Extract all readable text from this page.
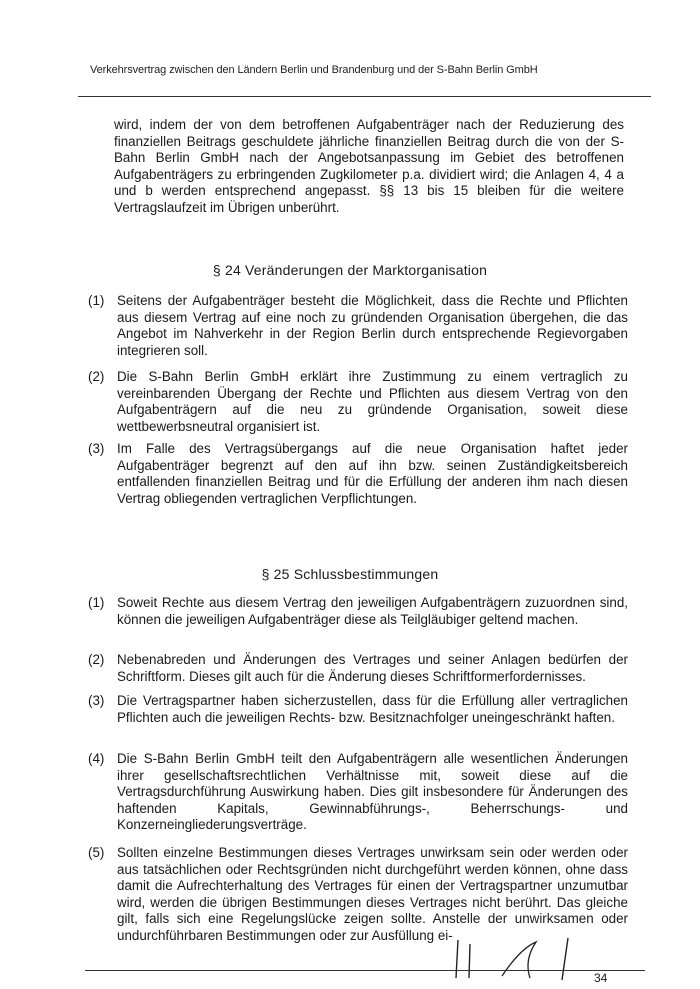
Verkehrsvertrag zwischen den Ländern Berlin und Brandenburg und der S-Bahn Berlin GmbH
wird, indem der von dem betroffenen Aufgabenträger nach der Reduzierung des finanziellen Beitrags geschuldete jährliche finanziellen Beitrag durch die von der S-Bahn Berlin GmbH nach der Angebotsanpassung im Gebiet des betroffenen Aufgabenträgers zu erbringenden Zugkilometer p.a. dividiert wird; die Anlagen 4, 4 a und b werden entsprechend angepasst. §§ 13 bis 15 bleiben für die weitere Vertragslaufzeit im Übrigen unberührt.
§ 24 Veränderungen der Marktorganisation
(1) Seitens der Aufgabenträger besteht die Möglichkeit, dass die Rechte und Pflichten aus diesem Vertrag auf eine noch zu gründenden Organisation übergehen, die das Angebot im Nahverkehr in der Region Berlin durch entsprechende Regievorgaben integrieren soll.
(2) Die S-Bahn Berlin GmbH erklärt ihre Zustimmung zu einem vertraglich zu vereinbarenden Übergang der Rechte und Pflichten aus diesem Vertrag von den Aufgabenträgern auf die neu zu gründende Organisation, soweit diese wettbewerbsneutral organisiert ist.
(3) Im Falle des Vertragsübergangs auf die neue Organisation haftet jeder Aufgabenträger begrenzt auf den auf ihn bzw. seinen Zuständigkeitsbereich entfallenden finanziellen Beitrag und für die Erfüllung der anderen ihm nach diesen Vertrag obliegenden vertraglichen Verpflichtungen.
§ 25 Schlussbestimmungen
(1) Soweit Rechte aus diesem Vertrag den jeweiligen Aufgabenträgern zuzuordnen sind, können die jeweiligen Aufgabenträger diese als Teilgläubiger geltend machen.
(2) Nebenabreden und Änderungen des Vertrages und seiner Anlagen bedürfen der Schriftform. Dieses gilt auch für die Änderung dieses Schriftformerfordernisses.
(3) Die Vertragspartner haben sicherzustellen, dass für die Erfüllung aller vertraglichen Pflichten auch die jeweiligen Rechts- bzw. Besitznachfolger uneingeschränkt haften.
(4) Die S-Bahn Berlin GmbH teilt den Aufgabenträgern alle wesentlichen Änderungen ihrer gesellschaftsrechtlichen Verhältnisse mit, soweit diese auf die Vertragsdurchführung Auswirkung haben. Dies gilt insbesondere für Änderungen des haftenden Kapitals, Gewinnabführungs-, Beherrschungs- und Konzerneingliederungsverträge.
(5) Sollten einzelne Bestimmungen dieses Vertrages unwirksam sein oder werden oder aus tatsächlichen oder Rechtsgründen nicht durchgeführt werden können, ohne dass damit die Aufrechterhaltung des Vertrages für einen der Vertragspartner unzumutbar wird, werden die übrigen Bestimmungen dieses Vertrages nicht berührt. Das gleiche gilt, falls sich eine Regelungslücke zeigen sollte. Anstelle der unwirksamen oder undurchführbaren Bestimmungen oder zur Ausfüllung ei-
34
